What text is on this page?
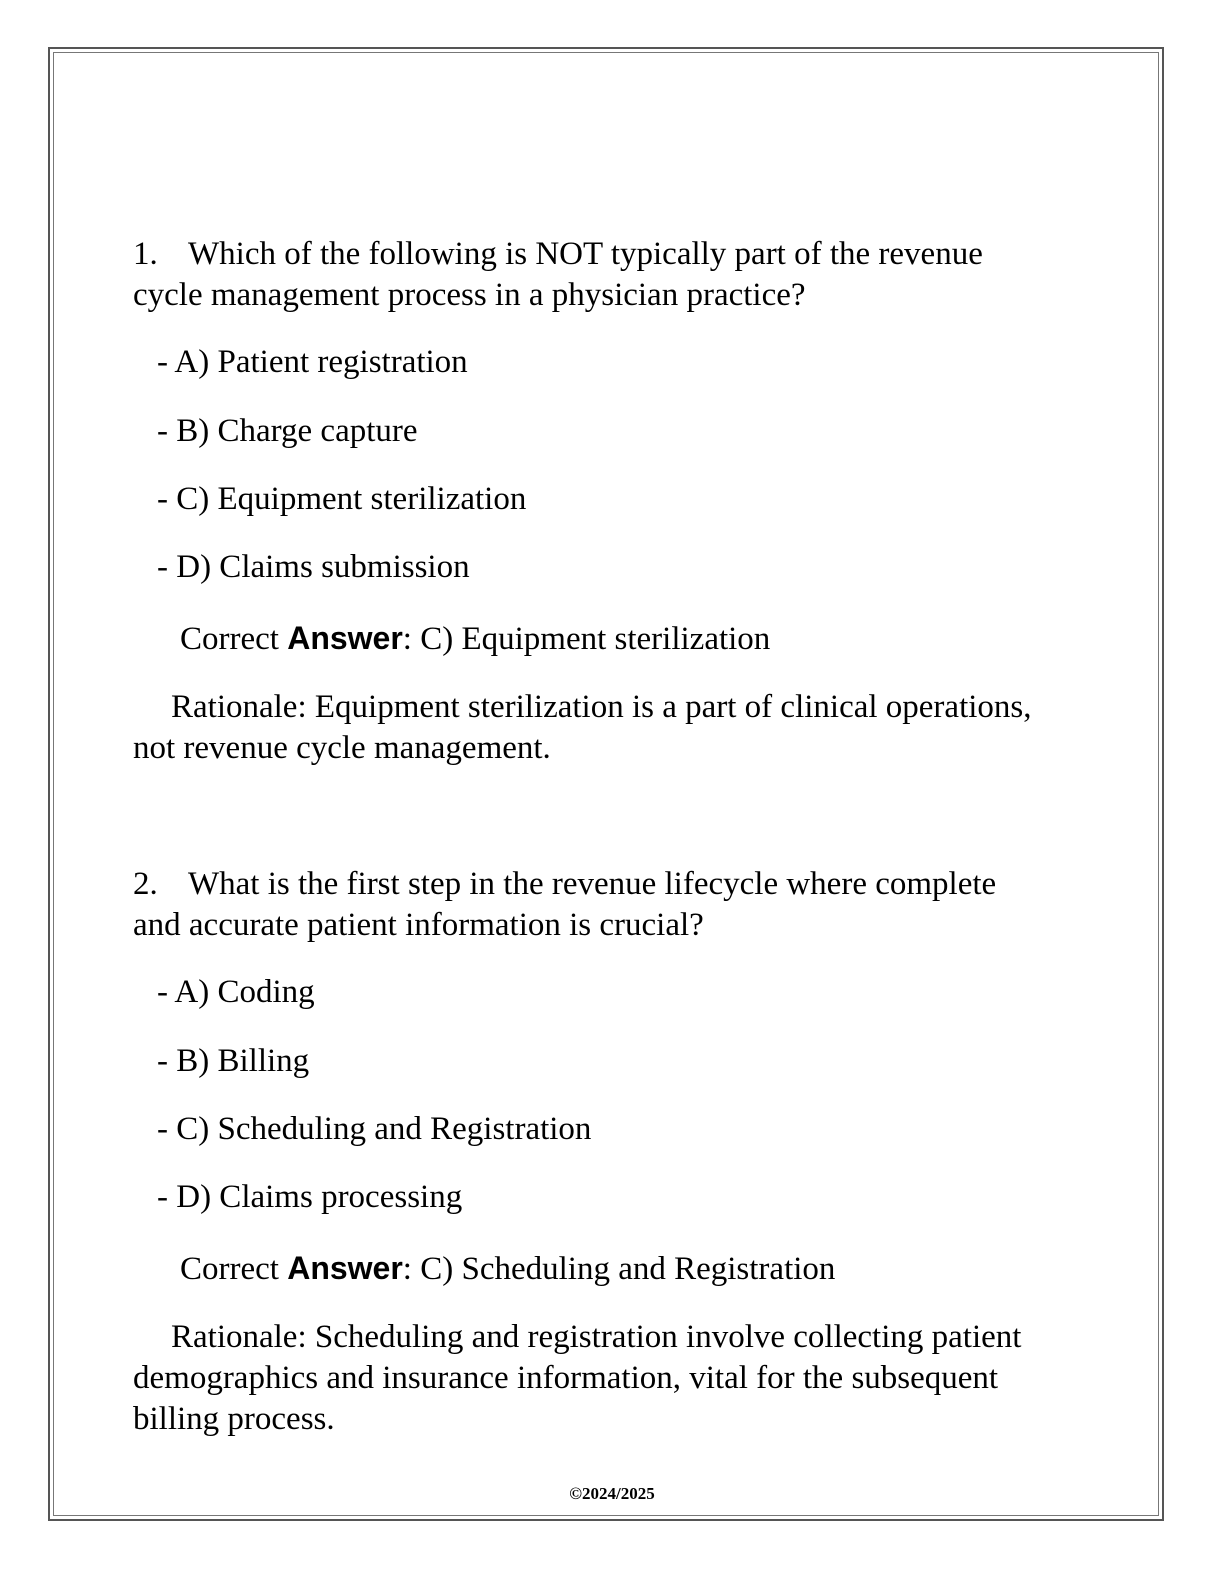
1. Which of the following is NOT typically part of the revenue
cycle management process in a physician practice?
- A) Patient registration
- B) Charge capture
- C) Equipment sterilization
- D) Claims submission
Correct Answer: C) Equipment sterilization
Rationale: Equipment sterilization is a part of clinical operations,
not revenue cycle management.
2. What is the first step in the revenue lifecycle where complete
and accurate patient information is crucial?
- A) Coding
- B) Billing
- C) Scheduling and Registration
- D) Claims processing
Correct Answer: C) Scheduling and Registration
Rationale: Scheduling and registration involve collecting patient
demographics and insurance information, vital for the subsequent
billing process.
©2024/2025
